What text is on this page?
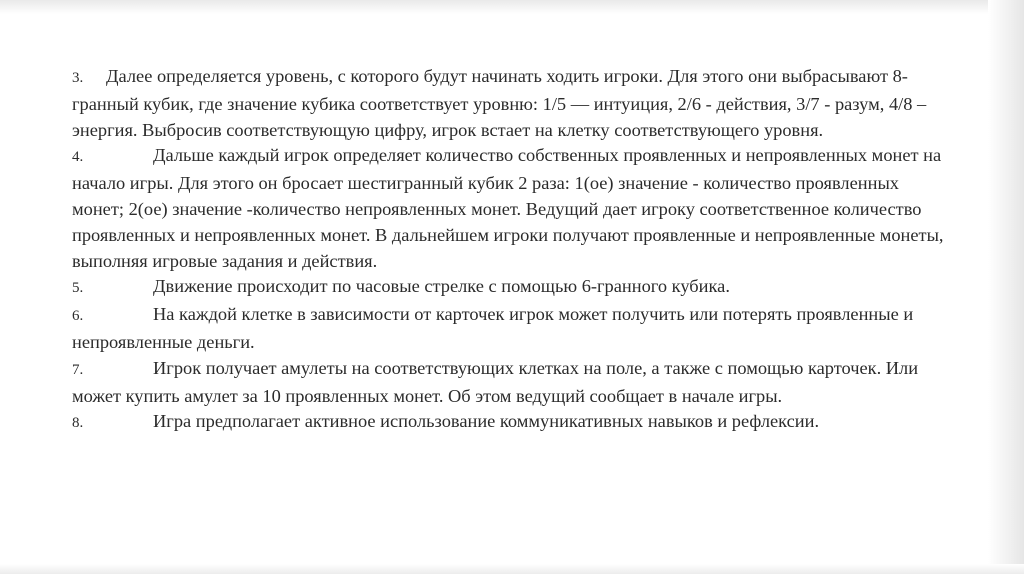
3. Далее определяется уровень, с которого будут начинать ходить игроки. Для этого они выбрасывают 8-гранный кубик, где значение кубика соответствует уровню: 1/5 — интуиция, 2/6 - действия, 3/7 - разум, 4/8 – энергия. Выбросив соответствующую цифру, игрок встает на клетку соответствующего уровня.

4.	Дальше каждый игрок определяет количество собственных проявленных и непроявленных монет на начало игры. Для этого он бросает шестигранный кубик 2 раза: 1(ое) значение - количество проявленных монет; 2(ое) значение -количество непроявленных монет. Ведущий дает игроку соответственное количество проявленных и непроявленных монет. В дальнейшем игроки получают проявленные и непроявленные монеты, выполняя игровые задания и действия.

5.	Движение происходит по часовые стрелке с помощью 6-гранного кубика.

6.	На каждой клетке в зависимости от карточек игрок может получить или потерять проявленные и непроявленные деньги.

7.	Игрок получает амулеты на соответствующих клетках на поле, а также с помощью карточек. Или может купить амулет за 10 проявленных монет. Об этом ведущий сообщает в начале игры.

8.	Игра предполагает активное использование коммуникативных навыков и рефлексии.
